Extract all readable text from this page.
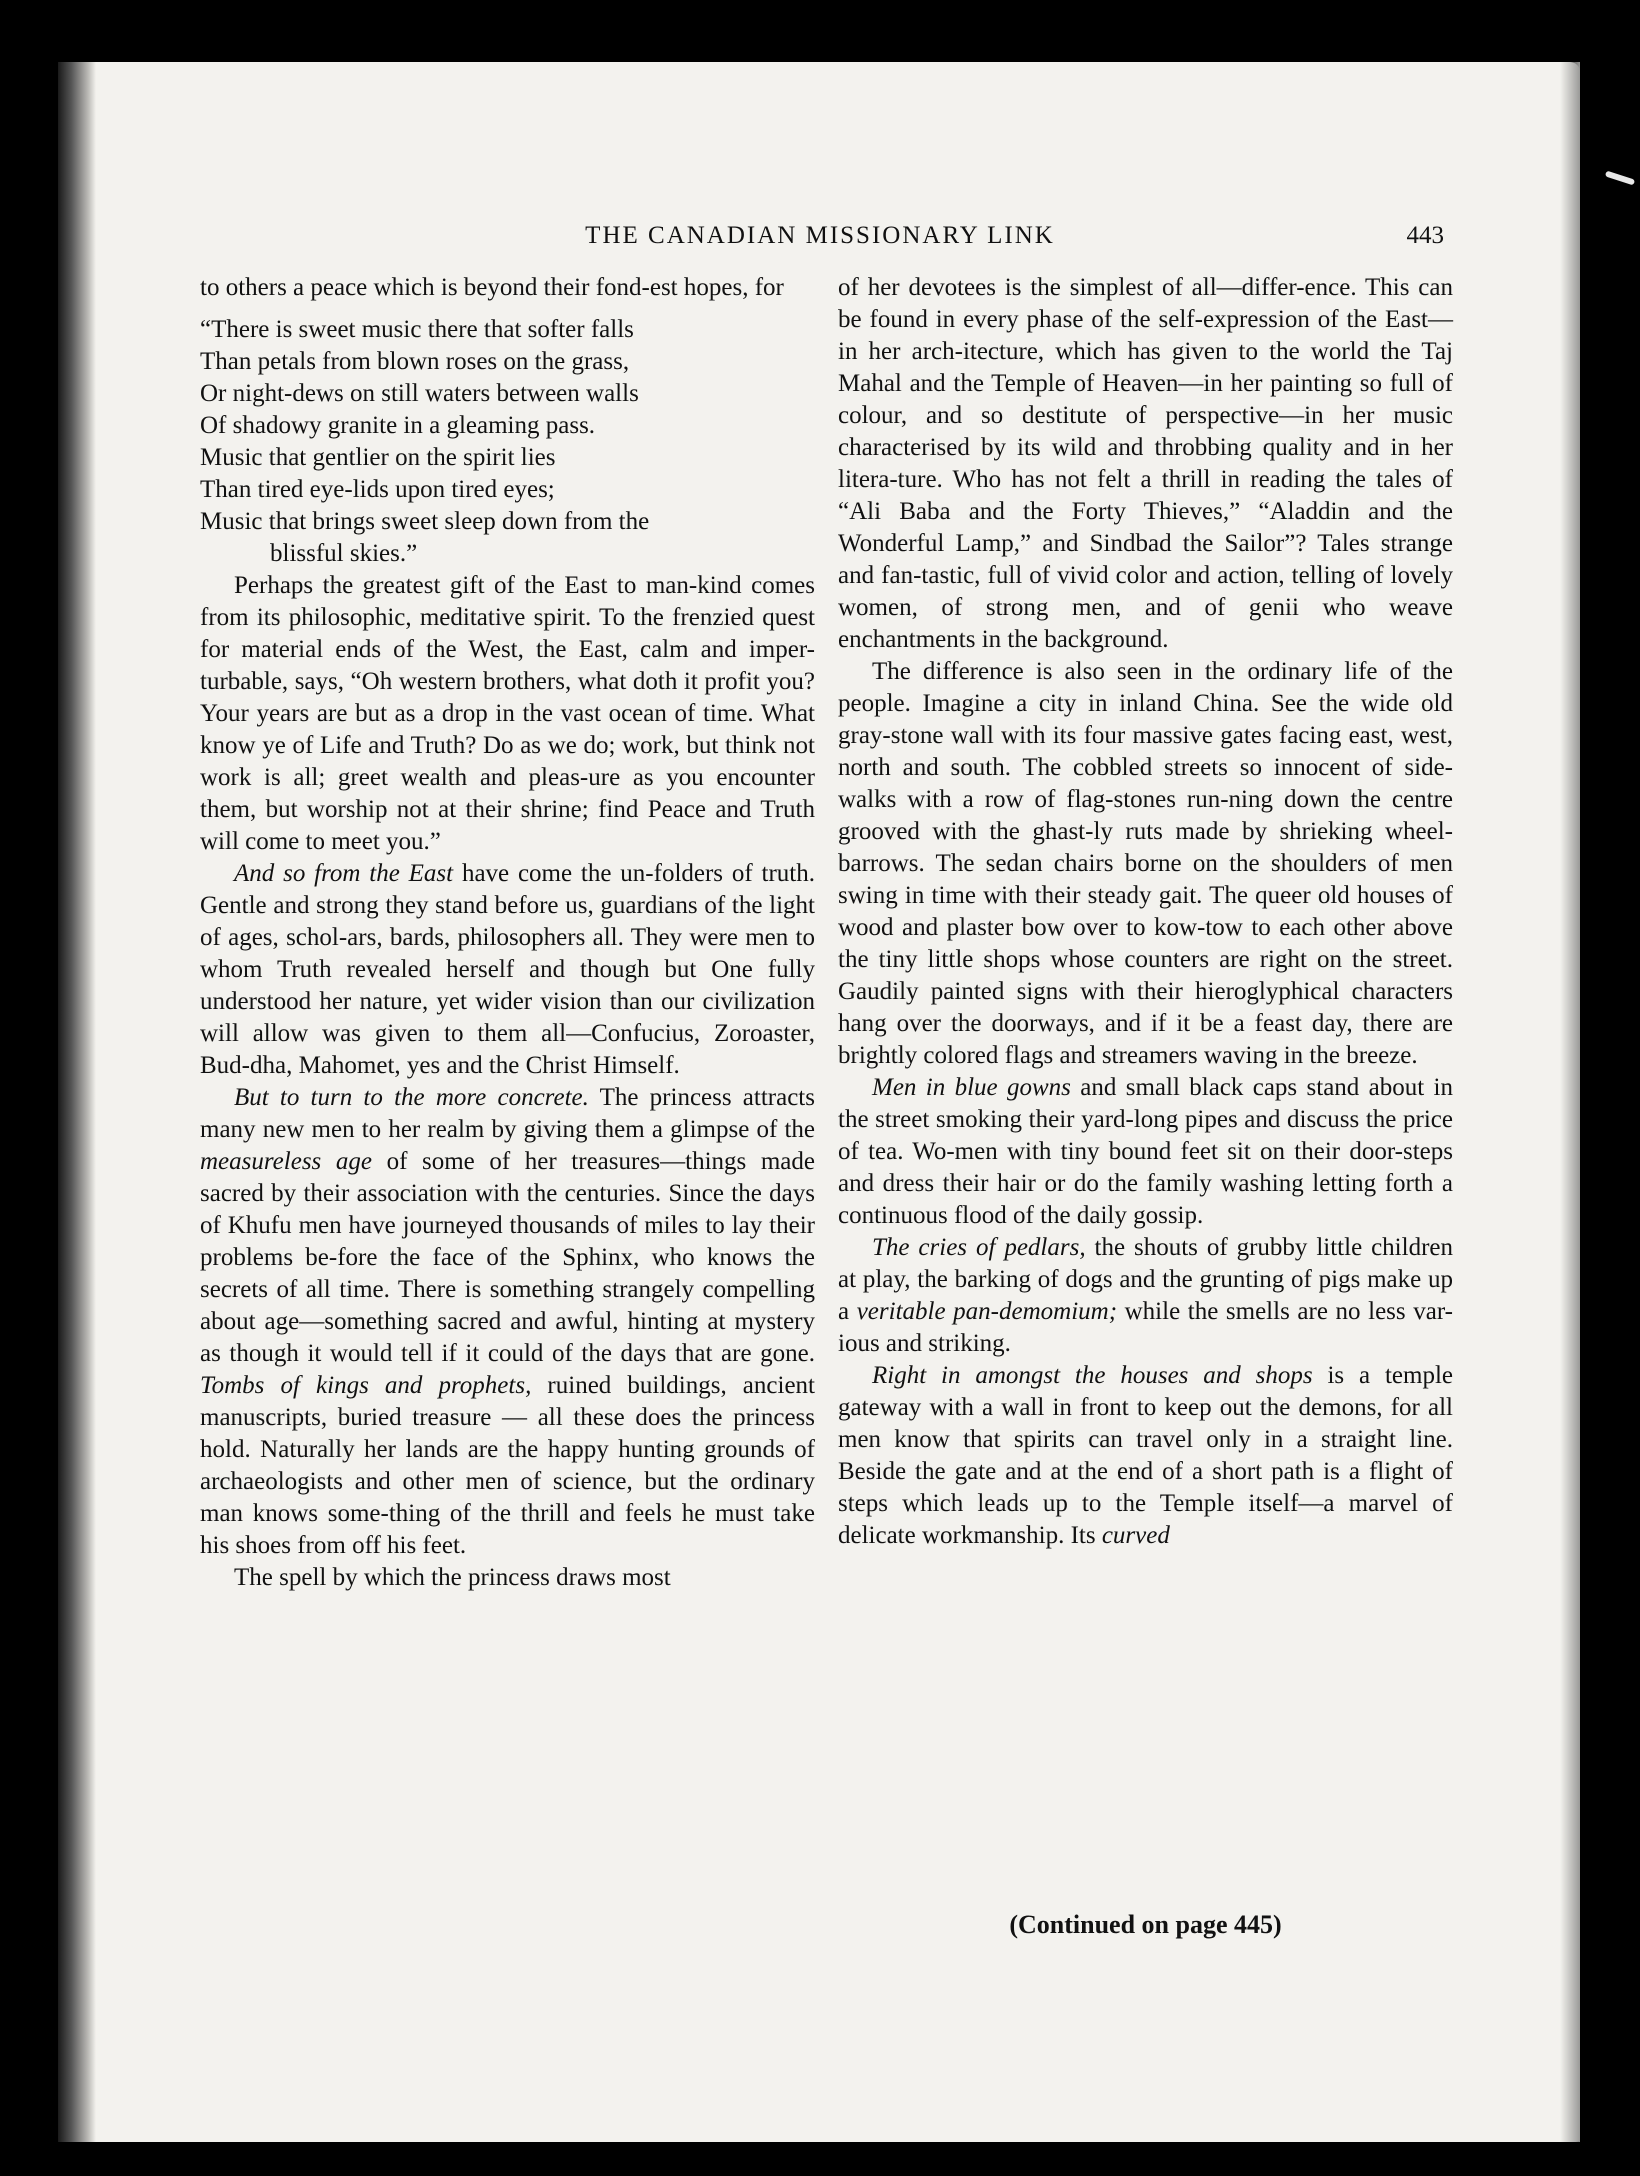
THE CANADIAN MISSIONARY LINK	443

to others a peace which is beyond their fond-est hopes, for

“There is sweet music there that softer falls
Than petals from blown roses on the grass,
Or night-dews on still waters between walls
Of shadowy granite in a gleaming pass.
Music that gentlier on the spirit lies
Than tired eye-lids upon tired eyes;
Music that brings sweet sleep down from the
blissful skies.”

Perhaps the greatest gift of the East to man-kind comes from its philosophic, meditative spirit. To the frenzied quest for material ends of the West, the East, calm and imper-turbable, says, “Oh western brothers, what doth it profit you? Your years are but as a drop in the vast ocean of time. What know ye of Life and Truth? Do as we do; work, but think not work is all; greet wealth and pleas-ure as you encounter them, but worship not at their shrine; find Peace and Truth will come to meet you.”

And so from the East have come the un-folders of truth. Gentle and strong they stand before us, guardians of the light of ages, schol-ars, bards, philosophers all. They were men to whom Truth revealed herself and though but One fully understood her nature, yet wider vision than our civilization will allow was given to them all—Confucius, Zoroaster, Bud-dha, Mahomet, yes and the Christ Himself.

But to turn to the more concrete. The princess attracts many new men to her realm by giving them a glimpse of the measureless age of some of her treasures—things made sacred by their association with the centuries. Since the days of Khufu men have journeyed thousands of miles to lay their problems be-fore the face of the Sphinx, who knows the secrets of all time. There is something strangely compelling about age—something sacred and awful, hinting at mystery as though it would tell if it could of the days that are gone. Tombs of kings and prophets, ruined buildings, ancient manuscripts, buried treasure — all these does the princess hold. Naturally her lands are the happy hunting grounds of archaeologists and other men of science, but the ordinary man knows some-thing of the thrill and feels he must take his shoes from off his feet.

The spell by which the princess draws most

of her devotees is the simplest of all—differ-ence. This can be found in every phase of the self-expression of the East—in her arch-itecture, which has given to the world the Taj Mahal and the Temple of Heaven—in her painting so full of colour, and so destitute of perspective—in her music characterised by its wild and throbbing quality and in her litera-ture. Who has not felt a thrill in reading the tales of “Ali Baba and the Forty Thieves,” “Aladdin and the Wonderful Lamp,” and Sindbad the Sailor”? Tales strange and fan-tastic, full of vivid color and action, telling of lovely women, of strong men, and of genii who weave enchantments in the background.

The difference is also seen in the ordinary life of the people. Imagine a city in inland China. See the wide old gray-stone wall with its four massive gates facing east, west, north and south. The cobbled streets so innocent of side-walks with a row of flag-stones run-ning down the centre grooved with the ghast-ly ruts made by shrieking wheel-barrows. The sedan chairs borne on the shoulders of men swing in time with their steady gait. The queer old houses of wood and plaster bow over to kow-tow to each other above the tiny little shops whose counters are right on the street. Gaudily painted signs with their hieroglyphical characters hang over the doorways, and if it be a feast day, there are brightly colored flags and streamers waving in the breeze.

Men in blue gowns and small black caps stand about in the street smoking their yard-long pipes and discuss the price of tea. Wo-men with tiny bound feet sit on their door-steps and dress their hair or do the family washing letting forth a continuous flood of the daily gossip.

The cries of pedlars, the shouts of grubby little children at play, the barking of dogs and the grunting of pigs make up a veritable pan-demomium; while the smells are no less var-ious and striking.

Right in amongst the houses and shops is a temple gateway with a wall in front to keep out the demons, for all men know that spirits can travel only in a straight line. Beside the gate and at the end of a short path is a flight of steps which leads up to the Temple itself—a marvel of delicate workmanship. Its curved

(Continued on page 445)
